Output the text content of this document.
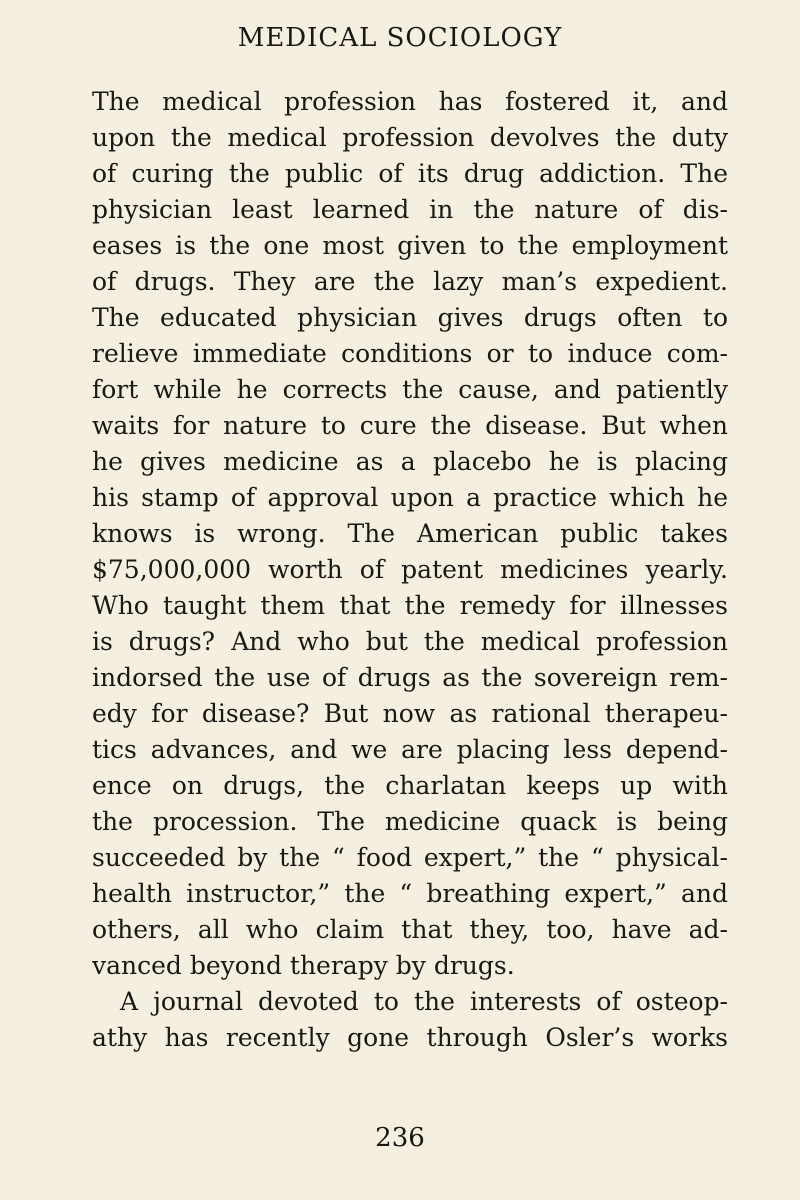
MEDICAL SOCIOLOGY
The medical profession has fostered it, and
upon the medical profession devolves the duty
of curing the public of its drug addiction. The
physician least learned in the nature of dis-
eases is the one most given to the employment
of drugs. They are the lazy man’s expedient.
The educated physician gives drugs often to
relieve immediate conditions or to induce com-
fort while he corrects the cause, and patiently
waits for nature to cure the disease. But when
he gives medicine as a placebo he is placing
his stamp of approval upon a practice which he
knows is wrong. The American public takes
$75,000,000 worth of patent medicines yearly.
Who taught them that the remedy for illnesses
is drugs? And who but the medical profession
indorsed the use of drugs as the sovereign rem-
edy for disease? But now as rational therapeu-
tics advances, and we are placing less depend-
ence on drugs, the charlatan keeps up with
the procession. The medicine quack is being
succeeded by the “ food expert,” the “ physical-
health instructor,” the “ breathing expert,” and
others, all who claim that they, too, have ad-
vanced beyond therapy by drugs.
A journal devoted to the interests of osteop-
athy has recently gone through Osler’s works
236
